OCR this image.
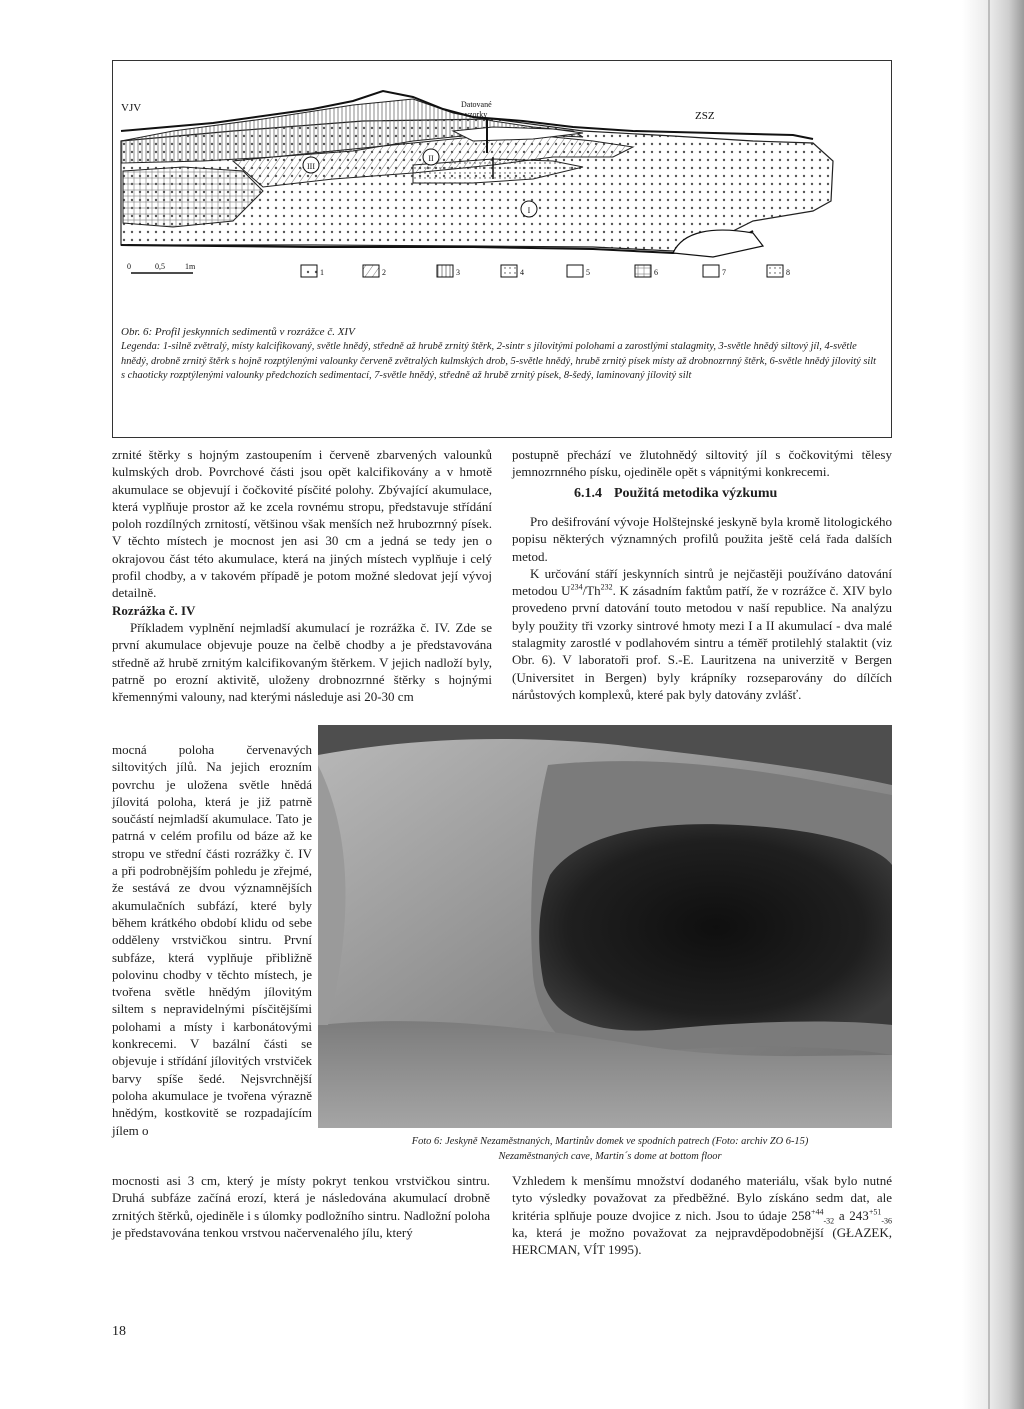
VJV
ZSZ
Datované
vzorky
III
II
I
0	0,5	1m
1	2	3	4	5	6	7	8
Obr. 6: Profil jeskynních sedimentů v rozrážce č. XIV
Legenda: 1-silně zvětralý, místy kalcifikovaný, světle hnědý, středně až hrubě zrnitý štěrk, 2-sintr s jílovitými polohami a zarostlými stalagmity, 3-světle hnědý siltový jíl, 4-světle hnědý, drobně zrnitý štěrk s hojně rozptýlenými valounky červeně zvětralých kulmských drob, 5-světle hnědý, hrubě zrnitý písek místy až drobnozrnný štěrk, 6-světle hnědý jílovitý silt s chaoticky rozptýlenými valounky předchozích sedimentací, 7-světle hnědý, středně až hrubě zrnitý písek, 8-šedý, laminovaný jílovitý silt

zrnité štěrky s hojným zastoupením i červeně zbarvených valounků kulmských drob. Povrchové části jsou opět kalcifikovány a v hmotě akumulace se objevují i čočkovité písčité polohy. Zbývající akumulace, která vyplňuje prostor až ke zcela rovnému stropu, představuje střídání poloh rozdílných zrnitostí, většinou však menších než hrubozrnný písek. V těchto místech je mocnost jen asi 30 cm a jedná se tedy jen o okrajovou část této akumulace, která na jiných místech vyplňuje i celý profil chodby, a v takovém případě je potom možné sledovat její vývoj detailně.

Rozrážka č. IV

Příkladem vyplnění nejmladší akumulací je rozrážka č. IV. Zde se první akumulace objevuje pouze na čelbě chodby a je představována středně až hrubě zrnitým kalcifikovaným štěrkem. V jejich nadloží byly, patrně po erozní aktivitě, uloženy drobnozrnné štěrky s hojnými křemennými valouny, nad kterými následuje asi 20-30 cm

mocná poloha červenavých siltovitých jílů. Na jejich erozním povrchu je uložena světle hnědá jílovitá poloha, která je již patrně součástí nejmladší akumulace. Tato je patrná v celém profilu od báze až ke stropu ve střední části rozrážky č. IV a při podrobnějším pohledu je zřejmé, že sestává ze dvou významnějších akumulačních subfází, které byly během krátkého období klidu od sebe odděleny vrstvičkou sintru. První subfáze, která vyplňuje přibližně polovinu chodby v těchto místech, je tvořena světle hnědým jílovitým siltem s nepravidelnými písčitějšími polohami a místy i karbonátovými konkrecemi. V bazální části se objevuje i střídání jílovitých vrstviček barvy spíše šedé. Nejsvrchnější poloha akumulace je tvořena výrazně hnědým, kostkovitě se rozpadajícím jílem o

mocnosti asi 3 cm, který je místy pokryt tenkou vrstvičkou sintru. Druhá subfáze začíná erozí, která je následována akumulací drobně zrnitých štěrků, ojediněle i s úlomky podložního sintru. Nadložní poloha je představována tenkou vrstvou načervenalého jílu, který

postupně přechází ve žlutohnědý siltovitý jíl s čočkovitými tělesy jemnozrnného písku, ojediněle opět s vápnitými konkrecemi.

6.1.4 Použitá metodika výzkumu

Pro dešifrování vývoje Holštejnské jeskyně byla kromě litologického popisu některých významných profilů použita ještě celá řada dalších metod.

K určování stáří jeskynních sintrů je nejčastěji používáno datování metodou $U^{234}/Th^{232}$. K zásadním faktům patří, že v rozrážce č. XIV bylo provedeno první datování touto metodou v naší republice. Na analýzu byly použity tři vzorky sintrové hmoty mezi I a II akumulací - dva malé stalagmity zarostlé v podlahovém sintru a téměř protilehlý stalaktit (viz Obr. 6). V laboratoři prof. S.-E. Lauritzena na univerzitě v Bergen (Universitet in Bergen) byly krápníky rozseparovány do dílčích nárůstových komplexů, které pak byly datovány zvlášť.

Foto 6: Jeskyně Nezaměstnaných, Martinův domek ve spodních patrech (Foto: archiv ZO 6-15)
Nezaměstnaných cave, Martin´s dome at bottom floor

Vzhledem k menšímu množství dodaného materiálu, však bylo nutné tyto výsledky považovat za předběžné. Bylo získáno sedm dat, ale kritéria splňuje pouze dvojice z nich. Jsou to údaje $258^{+44}_{-32}$ a $243^{+51}_{-36}$ ka, která je možno považovat za nejpravděpodobnější (GŁAZEK, HERCMAN, VÍT 1995).

18
